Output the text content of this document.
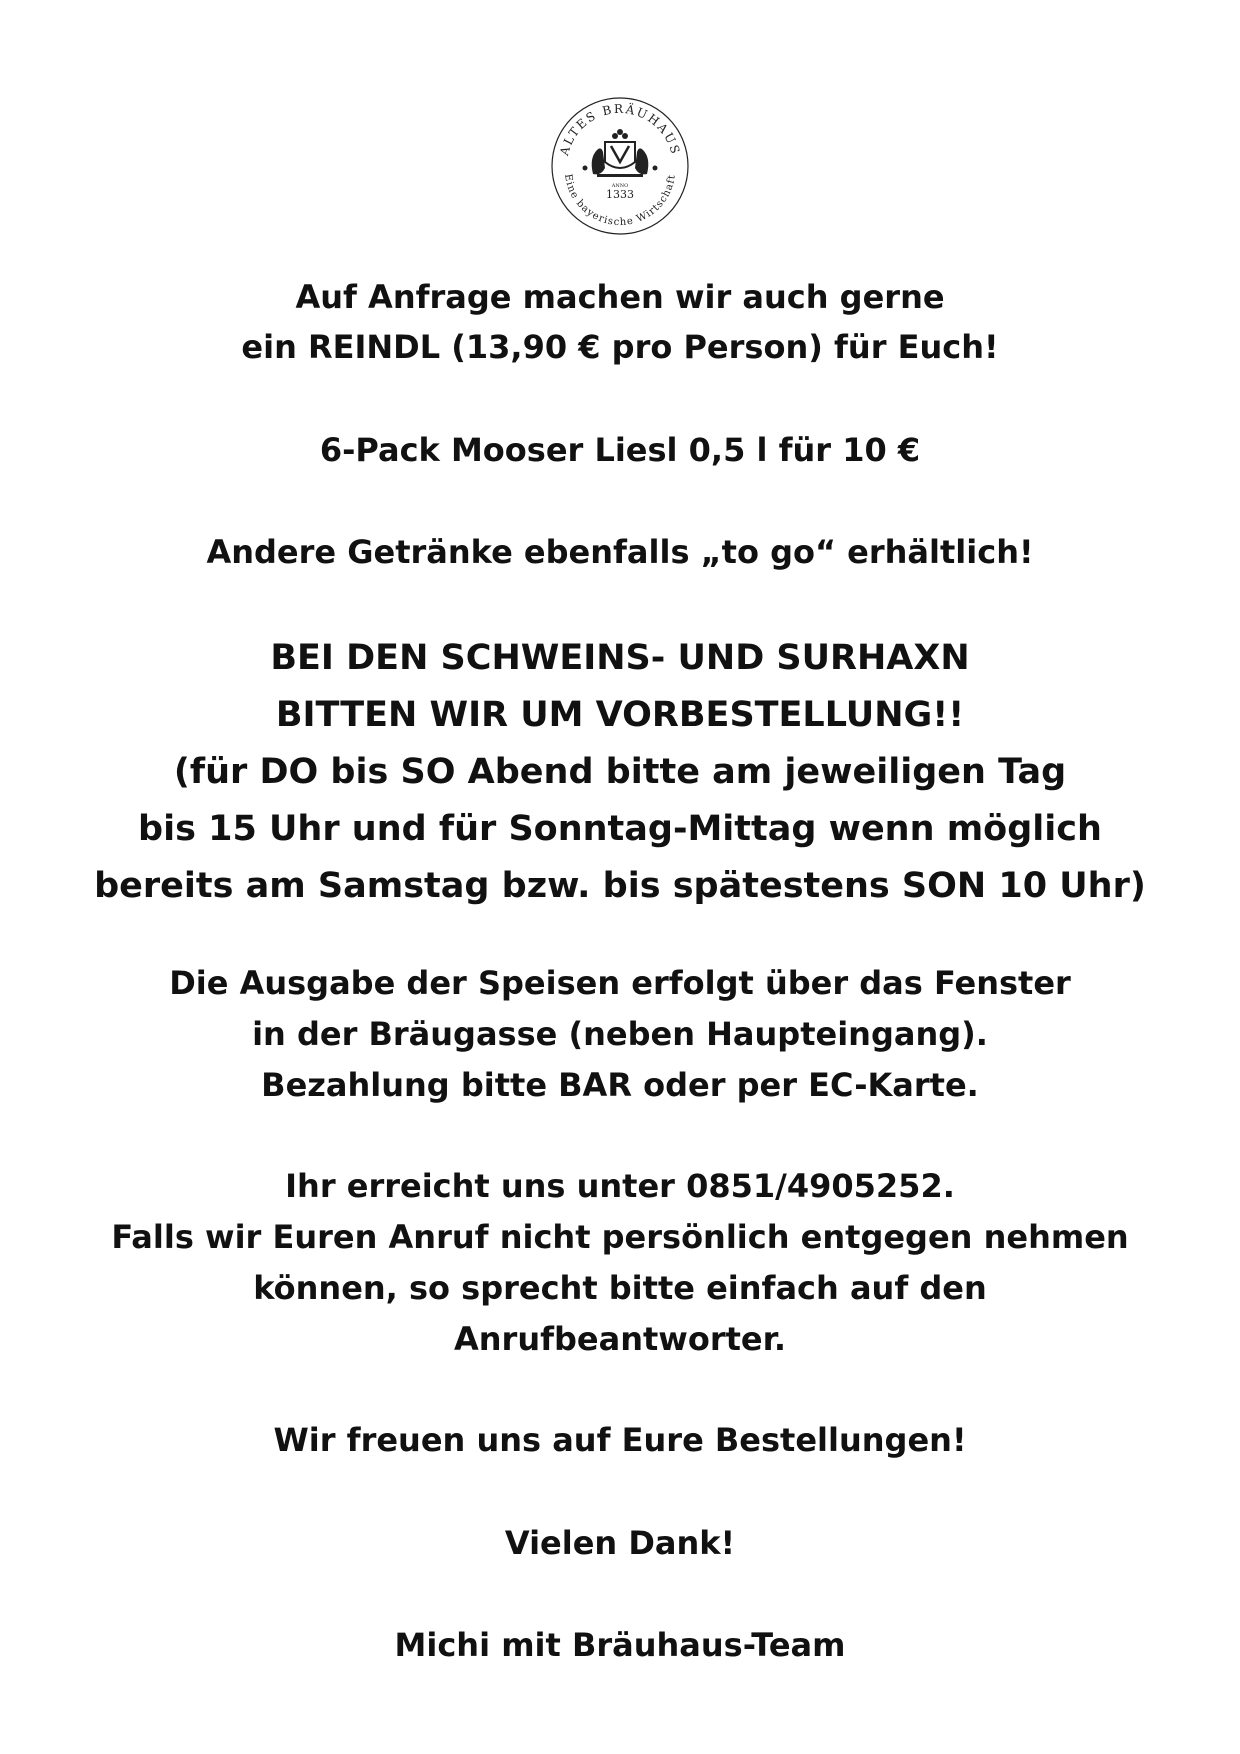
ALTES BRÄUHAUS
Eine bayerische Wirtschaft
ANNO
1333
Auf Anfrage machen wir auch gerne
ein REINDL (13,90 € pro Person) für Euch!
6-Pack Mooser Liesl 0,5 l für 10 €
Andere Getränke ebenfalls „to go“ erhältlich!
BEI DEN SCHWEINS- UND SURHAXN
BITTEN WIR UM VORBESTELLUNG!!
(für DO bis SO Abend bitte am jeweiligen Tag
bis 15 Uhr und für Sonntag-Mittag wenn möglich
bereits am Samstag bzw. bis spätestens SON 10 Uhr)
Die Ausgabe der Speisen erfolgt über das Fenster
in der Bräugasse (neben Haupteingang).
Bezahlung bitte BAR oder per EC-Karte.
Ihr erreicht uns unter 0851/4905252.
Falls wir Euren Anruf nicht persönlich entgegen nehmen
können, so sprecht bitte einfach auf den
Anrufbeantworter.
Wir freuen uns auf Eure Bestellungen!
Vielen Dank!
Michi mit Bräuhaus-Team
